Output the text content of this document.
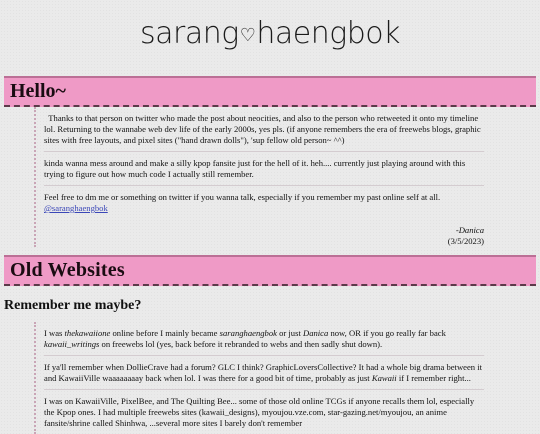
sarang ♡ haengbok
Hello~

Thanks to that person on twitter who made the post about neocities, and also to the person who retweeted it onto my timeline lol. Returning to the wannabe web dev life of the early 2000s, yes pls. (if anyone remembers the era of freewebs blogs, graphic sites with free layouts, and pixel sites ("hand drawn dolls"), 'sup fellow old person~ ^^)

kinda wanna mess around and make a silly kpop fansite just for the hell of it. heh.... currently just playing around with this trying to figure out how much code I actually still remember.

Feel free to dm me or something on twitter if you wanna talk, especially if you remember my past online self at all. @saranghaengbok

-Danica
(3/5/2023)
Old Websites
Remember me maybe?

I was thekawaiione online before I mainly became saranghaengbok or just Danica now, OR if you go really far back kawaii_writings on freewebs lol (yes, back before it rebranded to webs and then sadly shut down).

If ya'll remember when DollieCrave had a forum? GLC I think? GraphicLoversCollective? It had a whole big drama between it and KawaiiVille waaaaaaaay back when lol. I was there for a good bit of time, probably as just Kawaii if I remember right...

I was on KawaiiVille, PixelBee, and The Quilting Bee... some of those old online TCGs if anyone recalls them lol, especially the Kpop ones. I had multiple freewebs sites (kawaii_designs), myoujou.vze.com, star-gazing.net/myoujou, an anime fansite/shrine called Shinhwa, ...several more sites I barely don't remember
